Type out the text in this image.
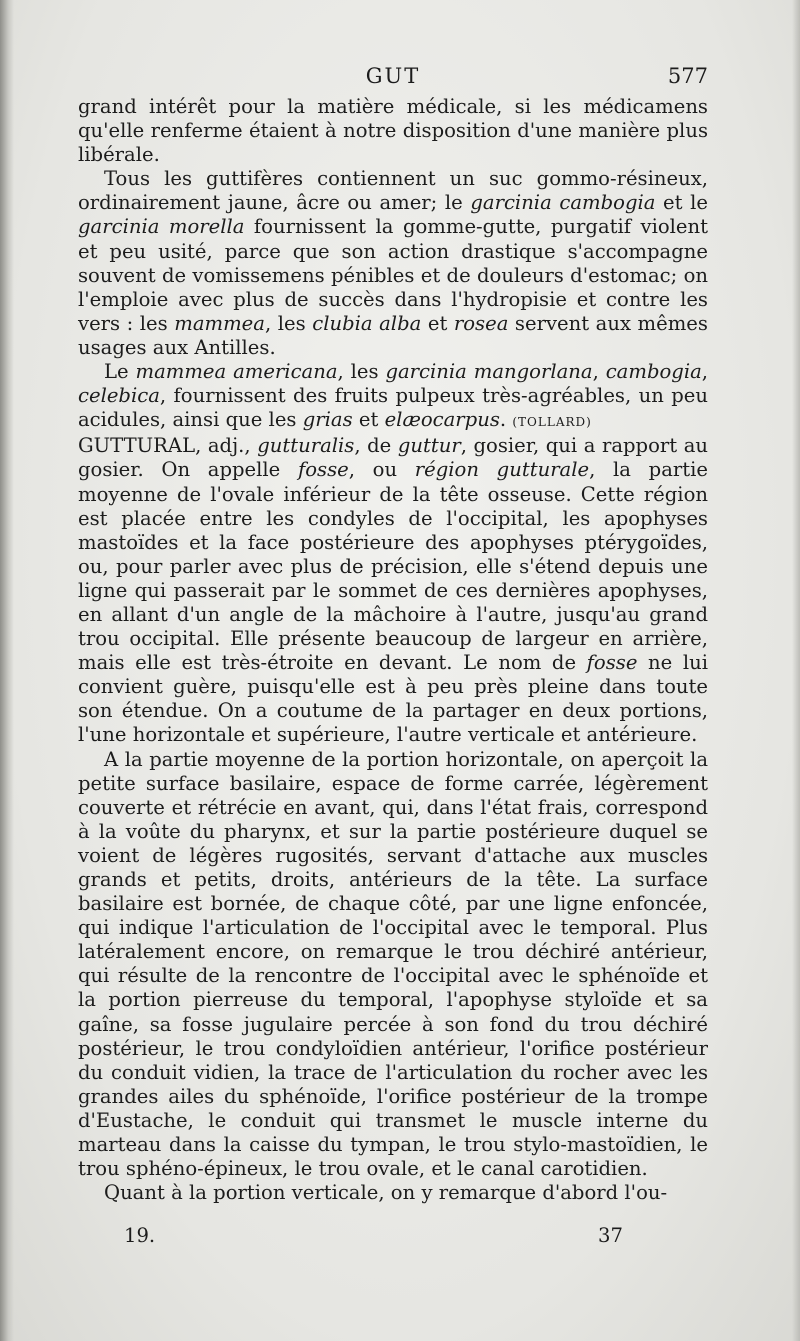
GUT	577

grand intérêt pour la matière médicale, si les médicamens qu'elle renferme étaient à notre disposition d'une manière plus libérale.

Tous les guttifères contiennent un suc gommo-résineux, ordinairement jaune, âcre ou amer; le garcinia cambogia et le garcinia morella fournissent la gomme-gutte, purgatif violent et peu usité, parce que son action drastique s'accompagne souvent de vomissemens pénibles et de douleurs d'estomac; on l'emploie avec plus de succès dans l'hydropisie et contre les vers : les mammea, les clubia alba et rosea servent aux mêmes usages aux Antilles.

Le mammea americana, les garcinia mangorlana, cambogia, celebica, fournissent des fruits pulpeux très-agréables, un peu acidules, ainsi que les grias et elæocarpus. (TOLLARD)

GUTTURAL, adj., gutturalis, de guttur, gosier, qui a rapport au gosier. On appelle fosse, ou région gutturale, la partie moyenne de l'ovale inférieur de la tête osseuse. Cette région est placée entre les condyles de l'occipital, les apophyses mastoïdes et la face postérieure des apophyses ptérygoïdes, ou, pour parler avec plus de précision, elle s'étend depuis une ligne qui passerait par le sommet de ces dernières apophyses, en allant d'un angle de la mâchoire à l'autre, jusqu'au grand trou occipital. Elle présente beaucoup de largeur en arrière, mais elle est très-étroite en devant. Le nom de fosse ne lui convient guère, puisqu'elle est à peu près pleine dans toute son étendue. On a coutume de la partager en deux portions, l'une horizontale et supérieure, l'autre verticale et antérieure.

A la partie moyenne de la portion horizontale, on aperçoit la petite surface basilaire, espace de forme carrée, légèrement couverte et rétrécie en avant, qui, dans l'état frais, correspond à la voûte du pharynx, et sur la partie postérieure duquel se voient de légères rugosités, servant d'attache aux muscles grands et petits, droits, antérieurs de la tête. La surface basilaire est bornée, de chaque côté, par une ligne enfoncée, qui indique l'articulation de l'occipital avec le temporal. Plus latéralement encore, on remarque le trou déchiré antérieur, qui résulte de la rencontre de l'occipital avec le sphénoïde et la portion pierreuse du temporal, l'apophyse styloïde et sa gaîne, sa fosse jugulaire percée à son fond du trou déchiré postérieur, le trou condyloïdien antérieur, l'orifice postérieur du conduit vidien, la trace de l'articulation du rocher avec les grandes ailes du sphénoïde, l'orifice postérieur de la trompe d'Eustache, le conduit qui transmet le muscle interne du marteau dans la caisse du tympan, le trou stylo-mastoïdien, le trou sphéno-épineux, le trou ovale, et le canal carotidien.

Quant à la portion verticale, on y remarque d'abord l'ou-

19.	37
